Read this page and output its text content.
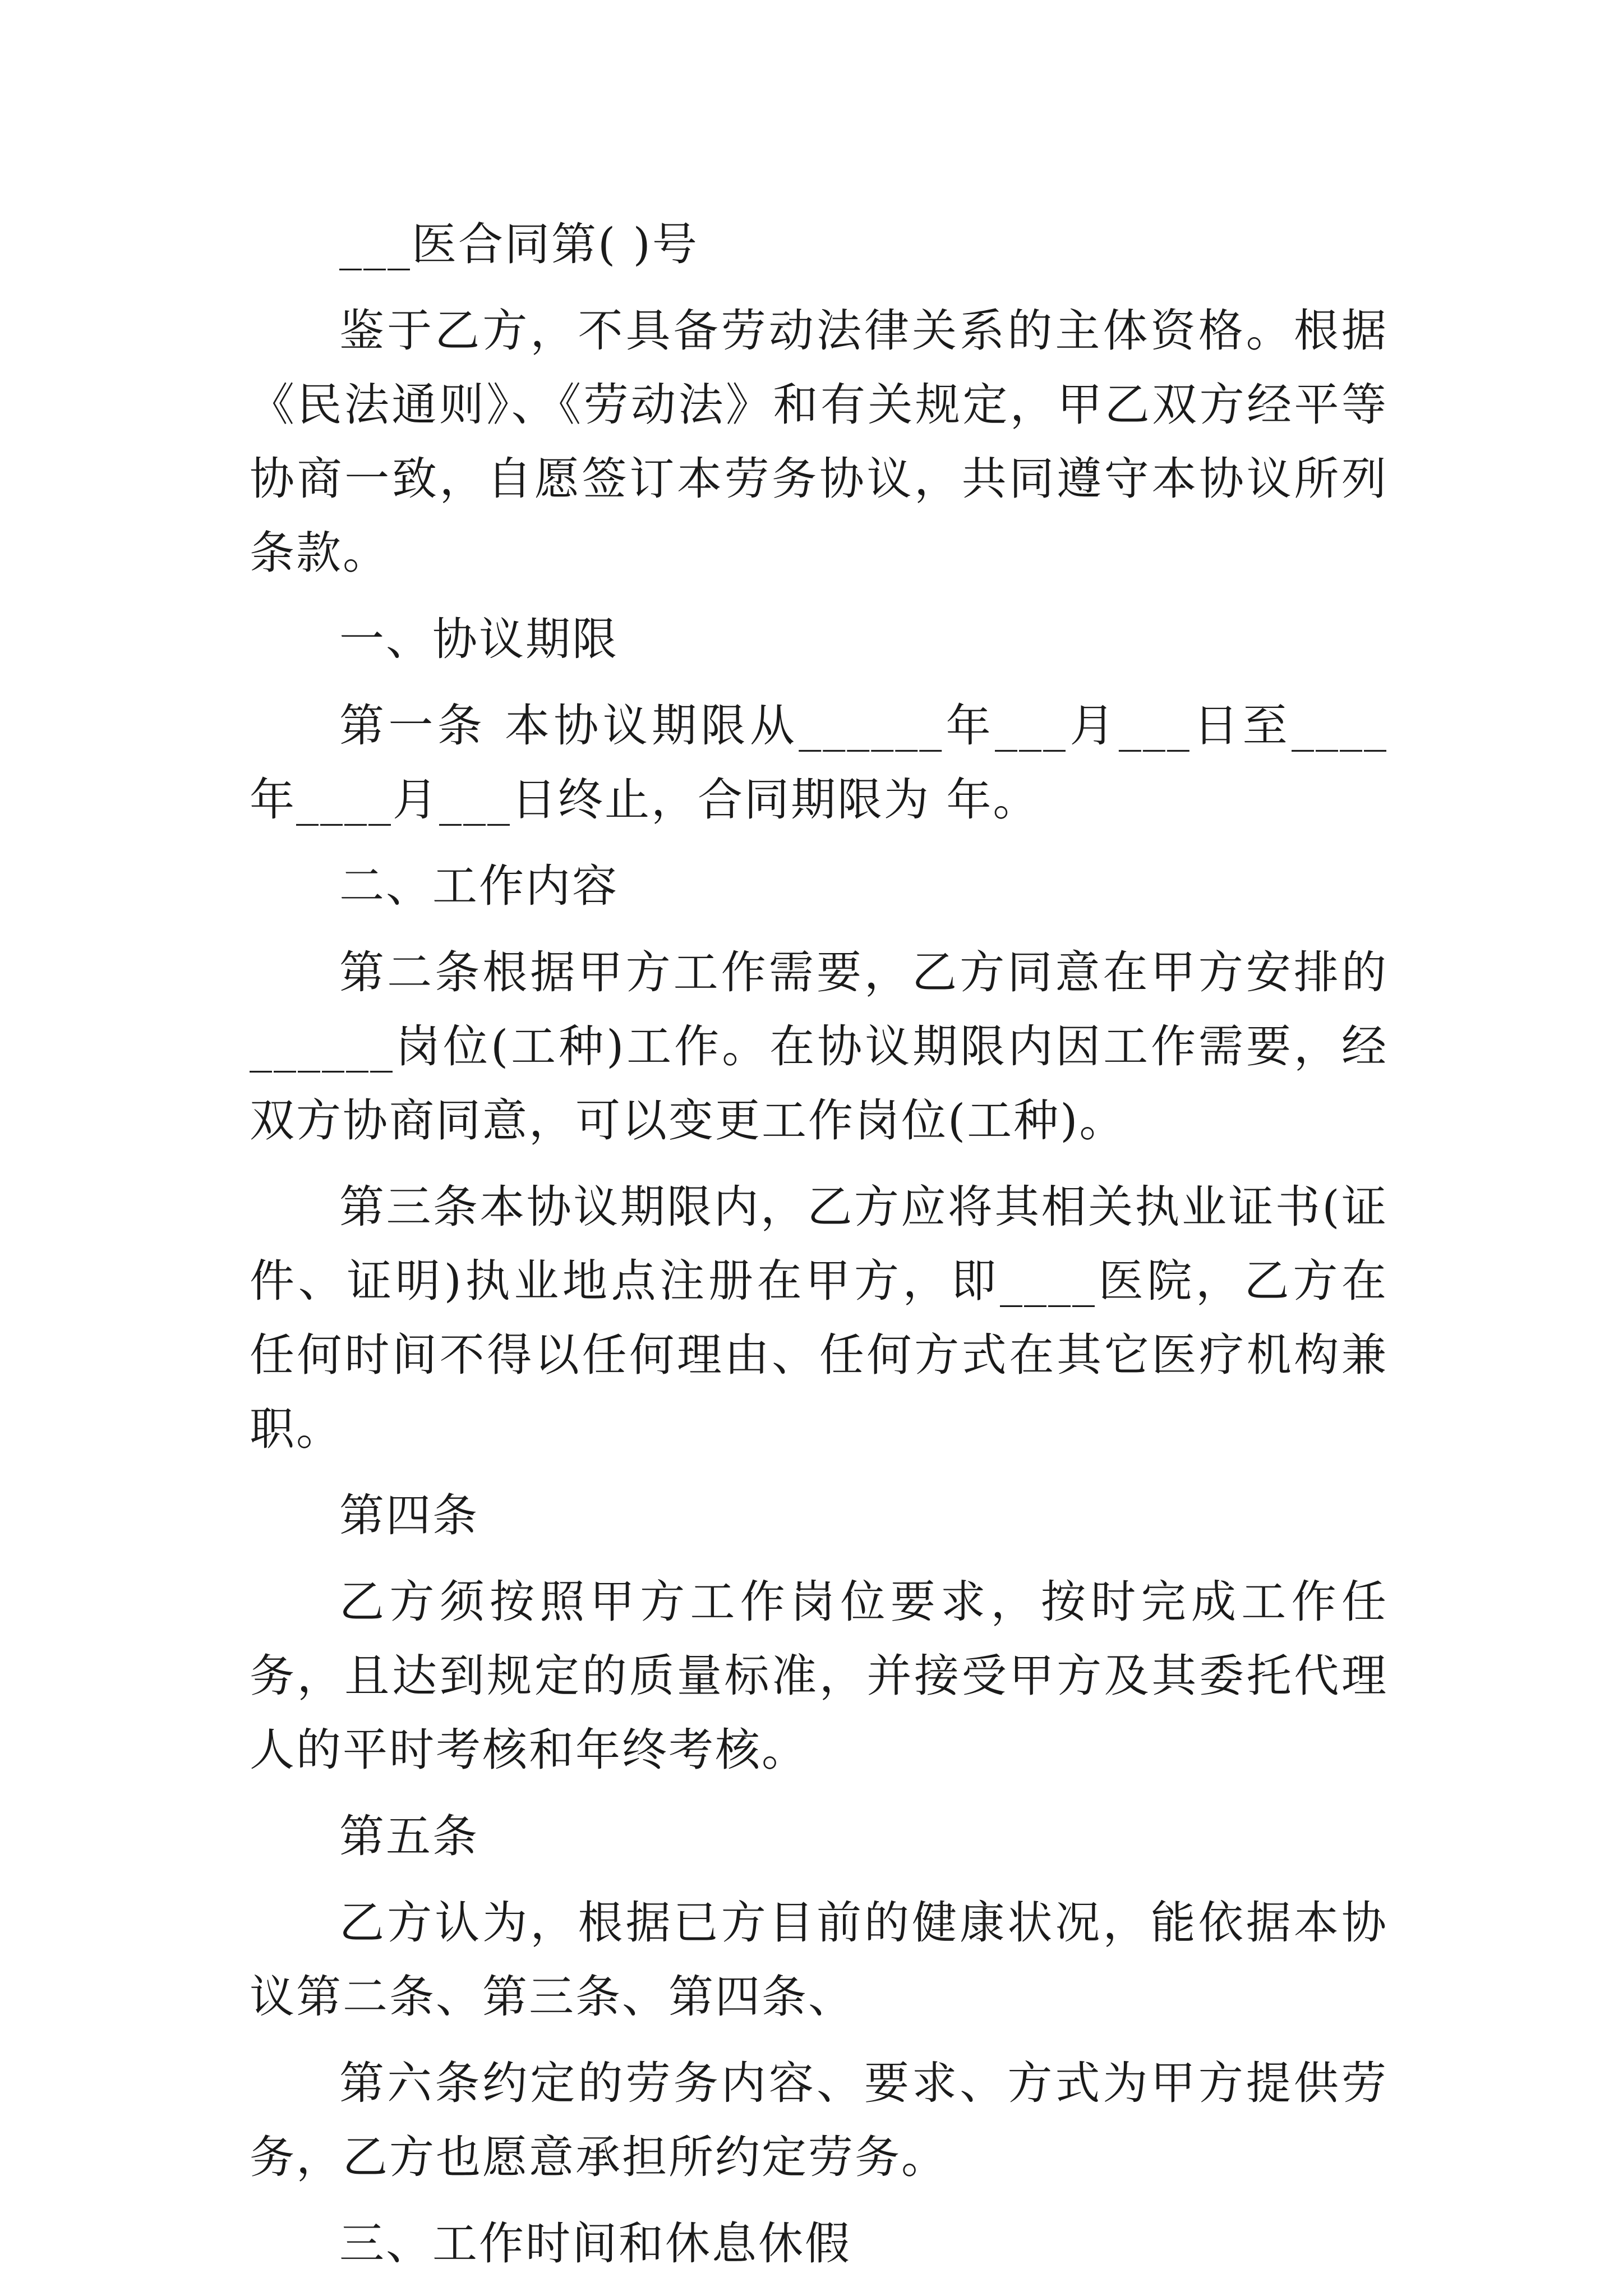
___医合同第( )号

鉴于乙方，不具备劳动法律关系的主体资格。根据《民法通则》、《劳动法》和有关规定，甲乙双方经平等协商一致，自愿签订本劳务协议，共同遵守本协议所列条款。

一、协议期限

第一条 本协议期限从______年___月___日至____年____月___日终止，合同期限为 年。

二、工作内容

第二条根据甲方工作需要，乙方同意在甲方安排的______岗位(工种)工作。在协议期限内因工作需要，经双方协商同意，可以变更工作岗位(工种)。

第三条本协议期限内，乙方应将其相关执业证书(证件、证明)执业地点注册在甲方，即____医院，乙方在任何时间不得以任何理由、任何方式在其它医疗机构兼职。

第四条

乙方须按照甲方工作岗位要求，按时完成工作任务，且达到规定的质量标准，并接受甲方及其委托代理人的平时考核和年终考核。

第五条

乙方认为，根据已方目前的健康状况，能依据本协议第二条、第三条、第四条、

第六条约定的劳务内容、要求、方式为甲方提供劳务，乙方也愿意承担所约定劳务。

三、工作时间和休息休假
